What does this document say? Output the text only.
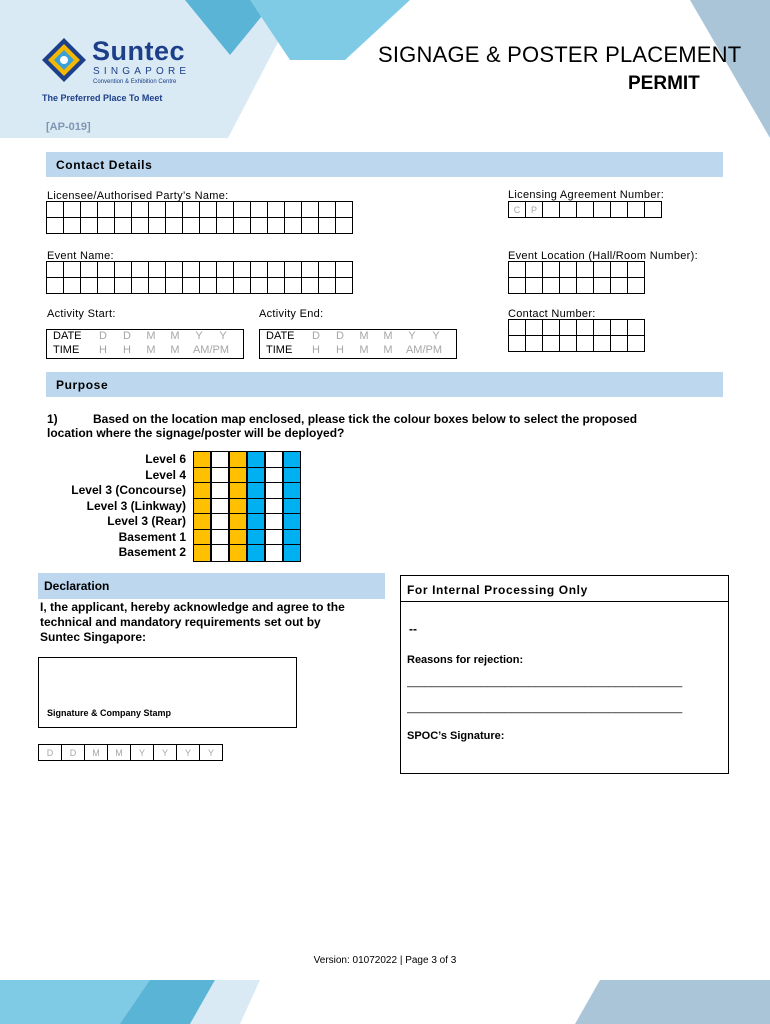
Suntec
SINGAPORE
Convention & Exhibition Centre
The Preferred Place To Meet
[AP-019]
SIGNAGE & POSTER PLACEMENT
PERMIT
Contact Details
Licensee/Authorised Party’s Name:	Licensing Agreement Number:

C	P							
Event Name:	Event Location (Hall/Room Number):

Activity Start:	Activity End:	Contact Number:
DATE	D	D	M	M	Y	Y
TIME	H	H	M	M	AM/PM
DATE	D	D	M	M	Y	Y
TIME	H	H	M	M	AM/PM

Purpose
1)	Based on the location map enclosed, please tick the colour boxes below to select the proposed
location where the signage/poster will be deployed?
Level 6
Level 4
Level 3 (Concourse)
Level 3 (Linkway)
Level 3 (Rear)
Basement 1
Basement 2
Declaration
I, the applicant, hereby acknowledge and agree to the
technical and mandatory requirements set out by
Suntec Singapore:
Signature & Company Stamp
D	D	M	M	Y	Y	Y	Y
For Internal Processing Only
--
Reasons for rejection:
_____________________________________________
_____________________________________________
SPOC’s Signature:
Version: 01072022 | Page 3 of 3
